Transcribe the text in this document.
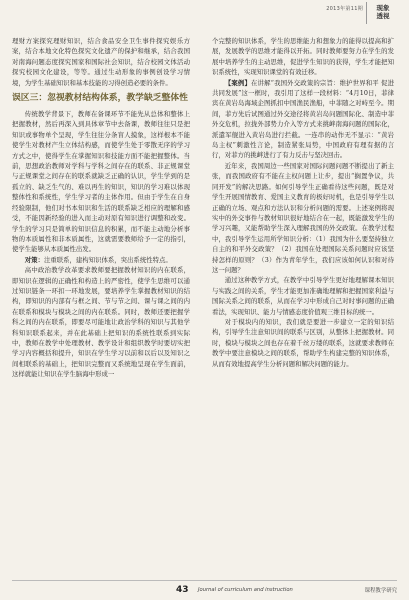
2013年第11期	现象
透视

理财方案探究理财知识，结合食品安全卫生事件探究娱乐方案，结合本地文化特色探究文化遗产的保护和继承，结合我国对南海问题态度探究国家和国际社会知识，结合校园文体活动探究校园文化建设，等等。通过生动形象的事例创设学习情境，为学生基础知识和基本技能的习得创造必要的条件。

误区三：忽视教材结构体系，教学缺乏整体性

传统教学背景下，教师在备课环节不能先从总体和整体上把握教材，然后再深入到具体章节中去备课，教师往往只是把知识或事物单个呈现，学生往往分条盲人摸象，这样根本不能使学生对教材产生立体结构感，而使学生处于零散无序的学习方式之中，使得学生在掌握知识和技能方面不能把握整体。当前，思想政治教师对学科与学科之间存在的联系、非正规课堂与正规课堂之间存在的联系就缺乏正确的认识，学生学到的是孤立的、缺乏生气的、难以再生的知识，知识的学习难以体现整体性和系统性，学生学习者的主体作用。但由于学生在自身经验限制，他们对书本知识和生活的联系缺乏相应的理解和感受，不能因新经验的进入而主动对原有知识进行调整和改变。学生的学习只是简单的知识信息的积累，而不能主动地分析事物的本质属性和非本质属性，这就需要教师给予一定的指引，使学生能够从本质属性出发。

对策：注重联系，建构知识体系，突出系统性特点。

高中政治教学改革要求教师要把握教材知识的内在联系，即知识在逻辑的正确性和构造上的严密性，使学生思维可以通过知识链条一环扣一环地发展，要培养学生掌握教材知识的结构，即知识的内部有与框之间、节与节之间、课与课之间的内在联系和模块与模块之间的内在联系。同时，教师还要把握学科之间的内在联系，即要尽可能地让政治学科的知识与其他学科知识联系起来，并在此基础上把知识的系统性联系到实际中，教师在教学中处理教材、教学设计和组织教学时要切实把学习内容概括和提升，知识在学生学习以前和以后以及知识之间相联系的基础上，把知识完整而又系统地呈现在学生面前，这样就能让知识在学生脑海中形成一

个完整的知识体系，学生的思维能力和想象力的能得以提高和扩展，发展教学的思维才能得以开拓。同时教师要努力在学生的发展中培养学生的主动思维，促进学生知识的获得，学生才能把知识系统性，实现知识课堂的有效迁移。

【案例】在讲解“我国外交政策的宗旨：维护世界和平 促进共同发展”这一框时，我引用了这样一段材料：“4月10日，菲律宾在黄岩岛海域企图抓扣中国渔民渔船，中菲随之对峙至今。期间，菲方先后试图通过外交途径将黄岩岛问题国际化、制造中菲外交危机，拉拢外部势力介入等方式来挑衅南海问题的国际化，派遣军舰进入黄岩岛进行拦截。一连串的动作无不显示：“黄岩岛主权”刺激性言论，制造紧张局势，中国政府有理有据的言行，对菲方的挑衅进行了有力反击与坚决回击。

近年来，我国周边一些国家对国际问题问题不断提出了新主张，而我国政府有不能在主权问题上让步，提出“搁置争议，共同开发”的解决思路。如何引导学生正确看待这些问题，既是对学生开展国情教育、爱国主义教育的极好时机，也是引导学生以正确的立场、观点和方法认识和分析问题的需要。上述案例将现实中的外交事件与教材知识很好地结合在一起，既能激发学生的学习兴趣，又能帮助学生深入理解我国的外交政策。在教学过程中，我引导学生运用所学知识分析：（1）我国为什么要坚持独立自主的和平外交政策？（2）我国在处理国际关系问题时应该坚持怎样的原则？（3）作为青年学生，我们应该如何认识和对待这一问题？

通过这种教学方式，在教学中引导学生更好地理解课本知识与实践之间的关系，学生才能更加准确地理解和把握国家利益与国际关系之间的联系，从而在学习中形成自己对时事问题的正确看法，实现知识、能力与情感态度价值观三维目标的统一。

对于模块内的知识，我们就是要进一步建立一定的知识结构，引导学生注意知识间的联系与区别，从整体上把握教材。同时，模块与模块之间也存在着千丝万缕的联系，这就要求教师在教学中要注意模块之间的联系，帮助学生构建完整的知识体系，从而有效地提高学生分析问题和解决问题的能力。

43 Journal of curriculum and instruction	课程教学研究
